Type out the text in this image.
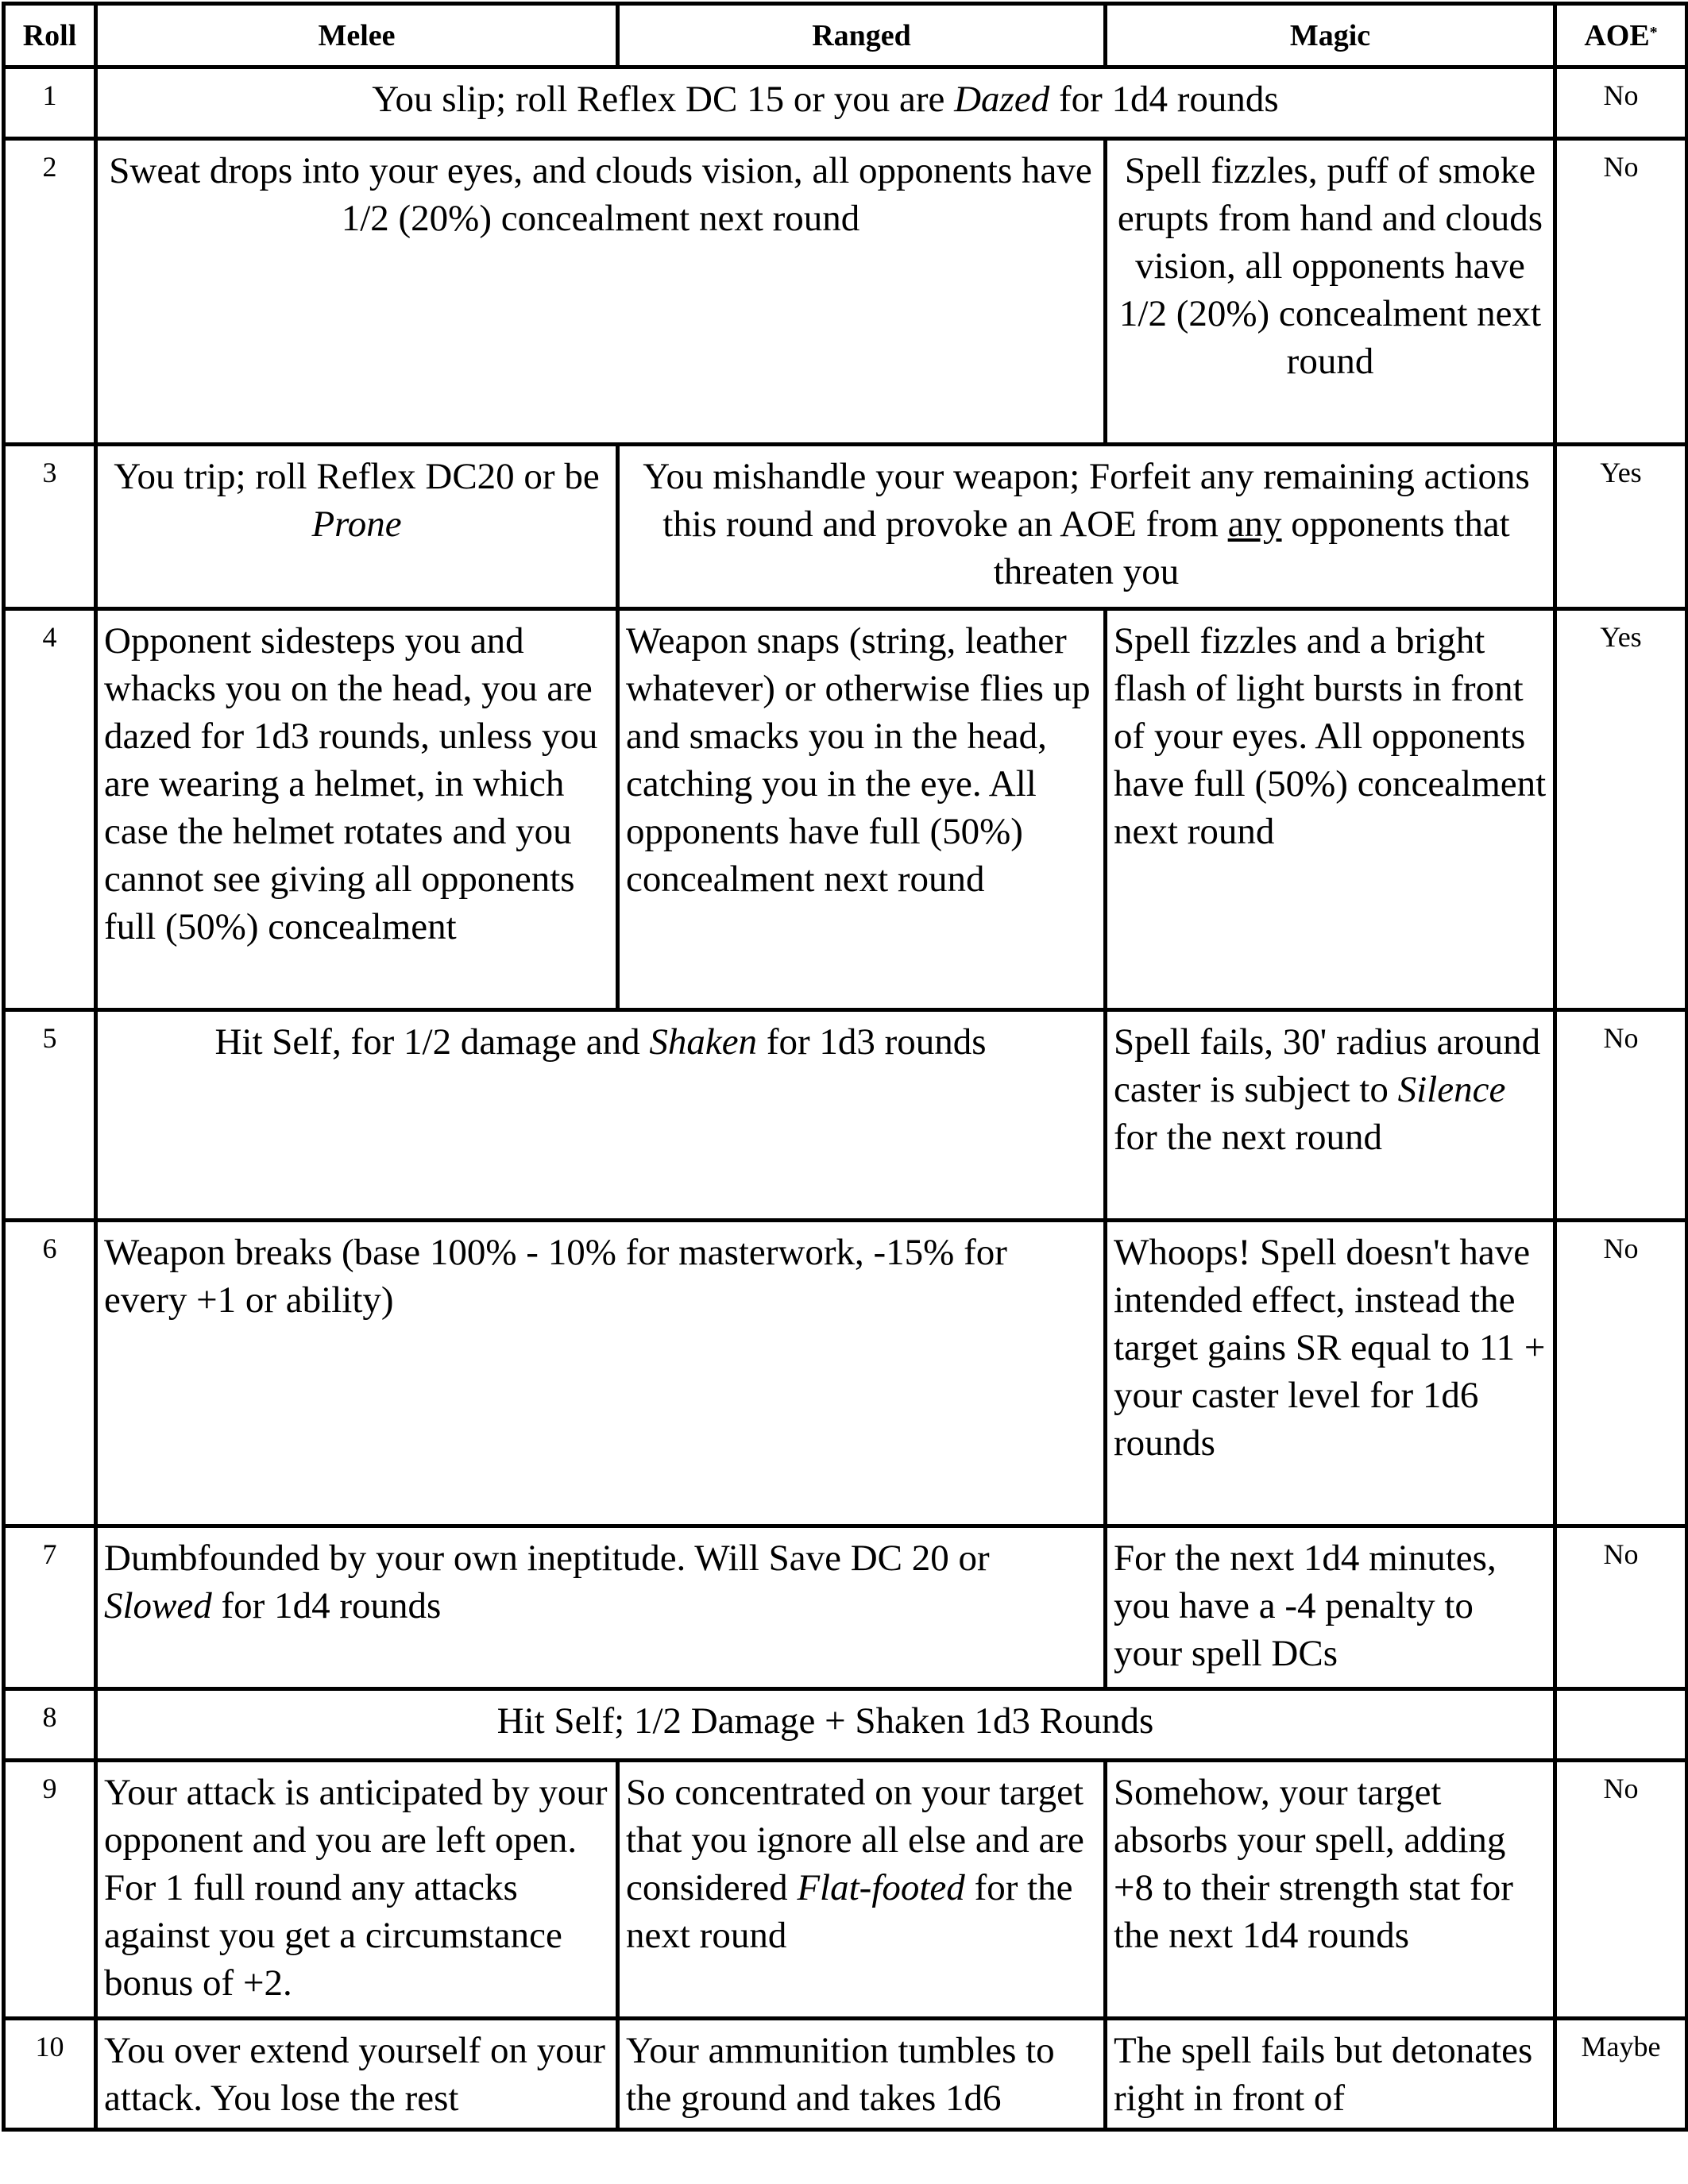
Roll	Melee	Ranged	Magic	AOE*
1	You slip; roll Reflex DC 15 or you are Dazed for 1d4 rounds			No
2	Sweat drops into your eyes, and clouds vision, all opponents have 1/2 (20%) concealment next round		Spell fizzles, puff of smoke erupts from hand and clouds vision, all opponents have 1/2 (20%) concealment next round	No
3	You trip; roll Reflex DC20 or be Prone	You mishandle your weapon; Forfeit any remaining actions this round and provoke an AOE from any opponents that threaten you		Yes
4	Opponent sidesteps you and whacks you on the head, you are dazed for 1d3 rounds, unless you are wearing a helmet, in which case the helmet rotates and you cannot see giving all opponents full (50%) concealment	Weapon snaps (string, leather whatever) or otherwise flies up and smacks you in the head, catching you in the eye. All opponents have full (50%) concealment next round	Spell fizzles and a bright flash of light bursts in front of your eyes. All opponents have full (50%) concealment next round	Yes
5	Hit Self, for 1/2 damage and Shaken for 1d3 rounds		Spell fails, 30' radius around caster is subject to Silence for the next round	No
6	Weapon breaks (base 100% - 10% for masterwork, -15% for every +1 or ability)		Whoops! Spell doesn't have intended effect, instead the target gains SR equal to 11 + your caster level for 1d6 rounds	No
7	Dumbfounded by your own ineptitude. Will Save DC 20 or Slowed for 1d4 rounds		For the next 1d4 minutes, you have a -4 penalty to your spell DCs	No
8	Hit Self; 1/2 Damage + Shaken 1d3 Rounds			
9	Your attack is anticipated by your opponent and you are left open. For 1 full round any attacks against you get a circumstance bonus of +2.	So concentrated on your target that you ignore all else and are considered Flat-footed for the next round	Somehow, your target absorbs your spell, adding +8 to their strength stat for the next 1d4 rounds	No
10	You over extend yourself on your attack. You lose the rest	Your ammunition tumbles to the ground and takes 1d6	The spell fails but detonates right in front of	Maybe
